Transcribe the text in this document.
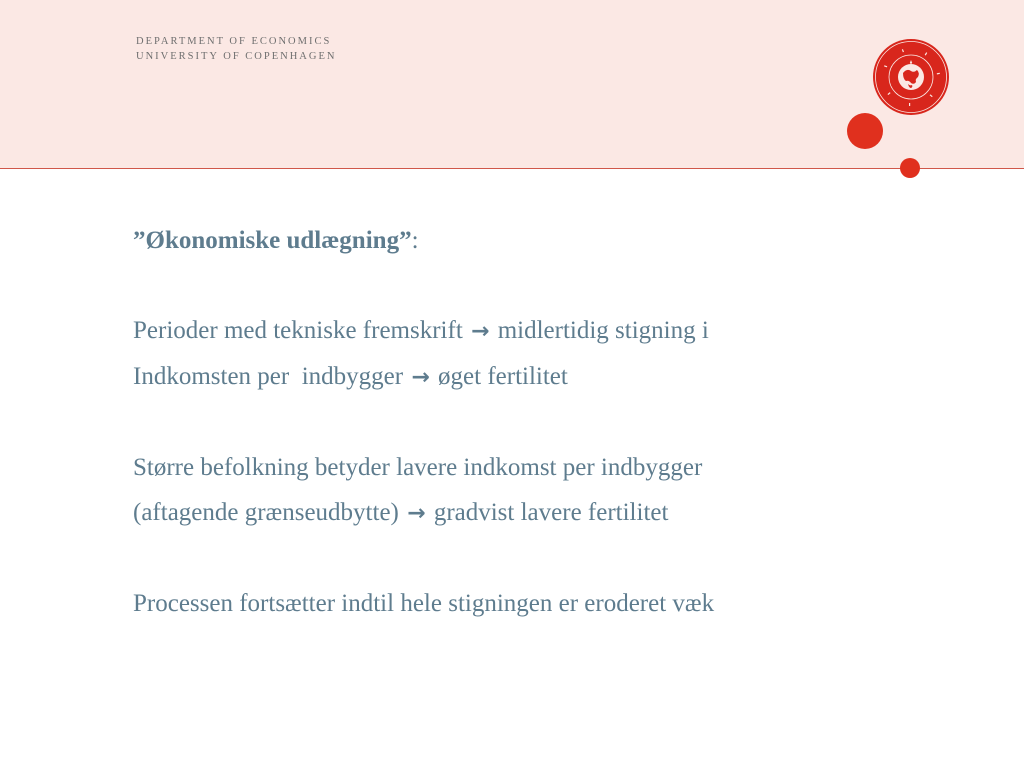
DEPARTMENT OF ECONOMICS
UNIVERSITY OF COPENHAGEN

”Økonomiske udlægning”:

Perioder med tekniske fremskrift → midlertidig stigning i
Indkomsten per  indbygger → øget fertilitet

Større befolkning betyder lavere indkomst per indbygger
(aftagende grænseudbytte) → gradvist lavere fertilitet

Processen fortsætter indtil hele stigningen er eroderet væk
